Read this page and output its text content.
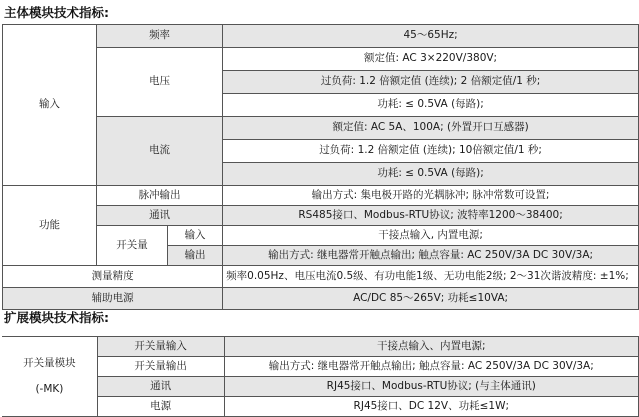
主体模块技术指标:
输入	频率		45～65Hz;
	电压		额定值: AC 3×220V/380V;
			过负荷: 1.2 倍额定值 (连续); 2 倍额定值/1 秒;
			功耗: ≤ 0.5VA (每路);
	电流		额定值: AC 5A、100A; (外置开口互感器)
			过负荷: 1.2 倍额定值 (连续); 10倍额定值/1 秒;
			功耗: ≤ 0.5VA (每路);
功能	脉冲输出		输出方式: 集电极开路的光耦脉冲; 脉冲常数可设置;
	通讯		RS485接口、Modbus-RTU协议; 波特率1200～38400;
	开关量	输入	干接点输入, 内置电源;
		输出	输出方式: 继电器常开触点输出; 触点容量: AC 250V/3A DC 30V/3A;
测量精度			频率0.05Hz、电压电流0.5级、有功电能1级、无功电能2级; 2～31次谐波精度: ±1%;
辅助电源			AC/DC 85～265V; 功耗≤10VA;
扩展模块技术指标:
开关量模块
(-MK)	开关量输入	干接点输入、内置电源;
	开关量输出	输出方式: 继电器常开触点输出; 触点容量: AC 250V/3A DC 30V/3A;
	通讯	RJ45接口、Modbus-RTU协议; (与主体通讯)
	电源	RJ45接口、DC 12V、功耗≤1W;
